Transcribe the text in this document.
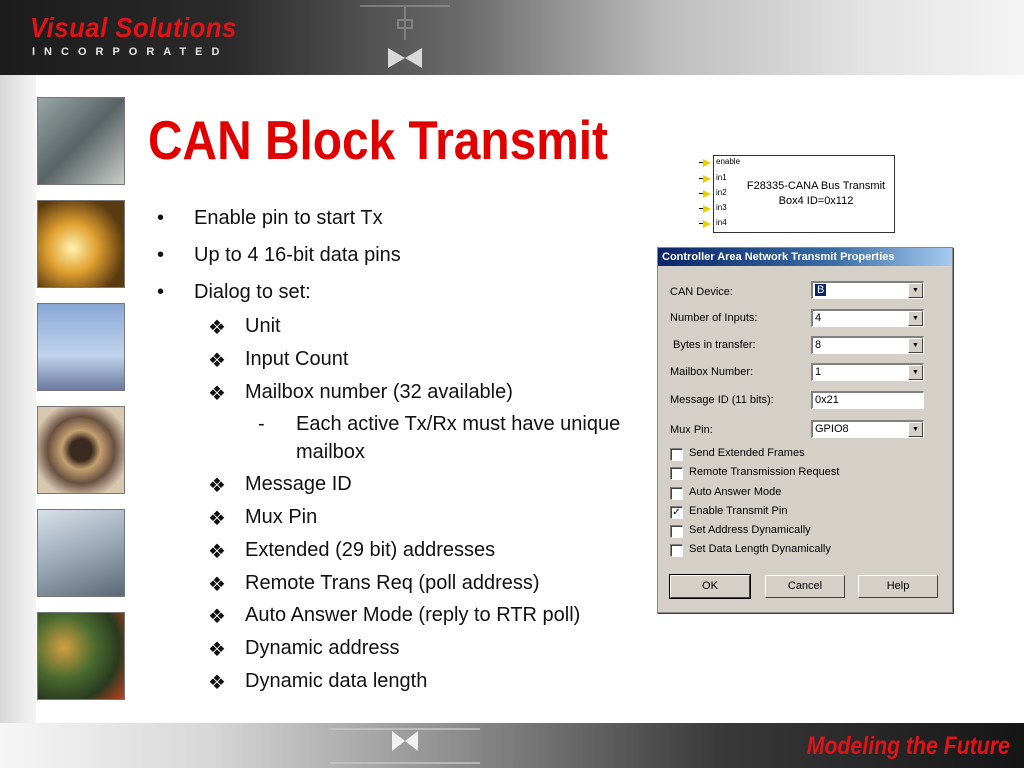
Visual Solutions
INCORPORATED
CAN Block Transmit
• Enable pin to start Tx
• Up to 4 16-bit data pins
• Dialog to set:
❖ Unit
❖ Input Count
❖ Mailbox number (32 available)
- Each active Tx/Rx must have unique
mailbox
❖ Message ID
❖ Mux Pin
❖ Extended (29 bit) addresses
❖ Remote Trans Req (poll address)
❖ Auto Answer Mode (reply to RTR poll)
❖ Dynamic address
❖ Dynamic data length
enable
in1
in2
in3
in4
F28335-CANA Bus Transmit
Box4 ID=0x112
Controller Area Network Transmit Properties
CAN Device:	B	▼
Number of Inputs:	4	▼
Bytes in transfer:	8	▼
Mailbox Number:	1	▼
Message ID (11 bits):	0x21
Mux Pin:	GPIO8	▼
Send Extended Frames
Remote Transmission Request
Auto Answer Mode
✓ Enable Transmit Pin
Set Address Dynamically
Set Data Length Dynamically
OK	Cancel	Help
Modeling the Future
